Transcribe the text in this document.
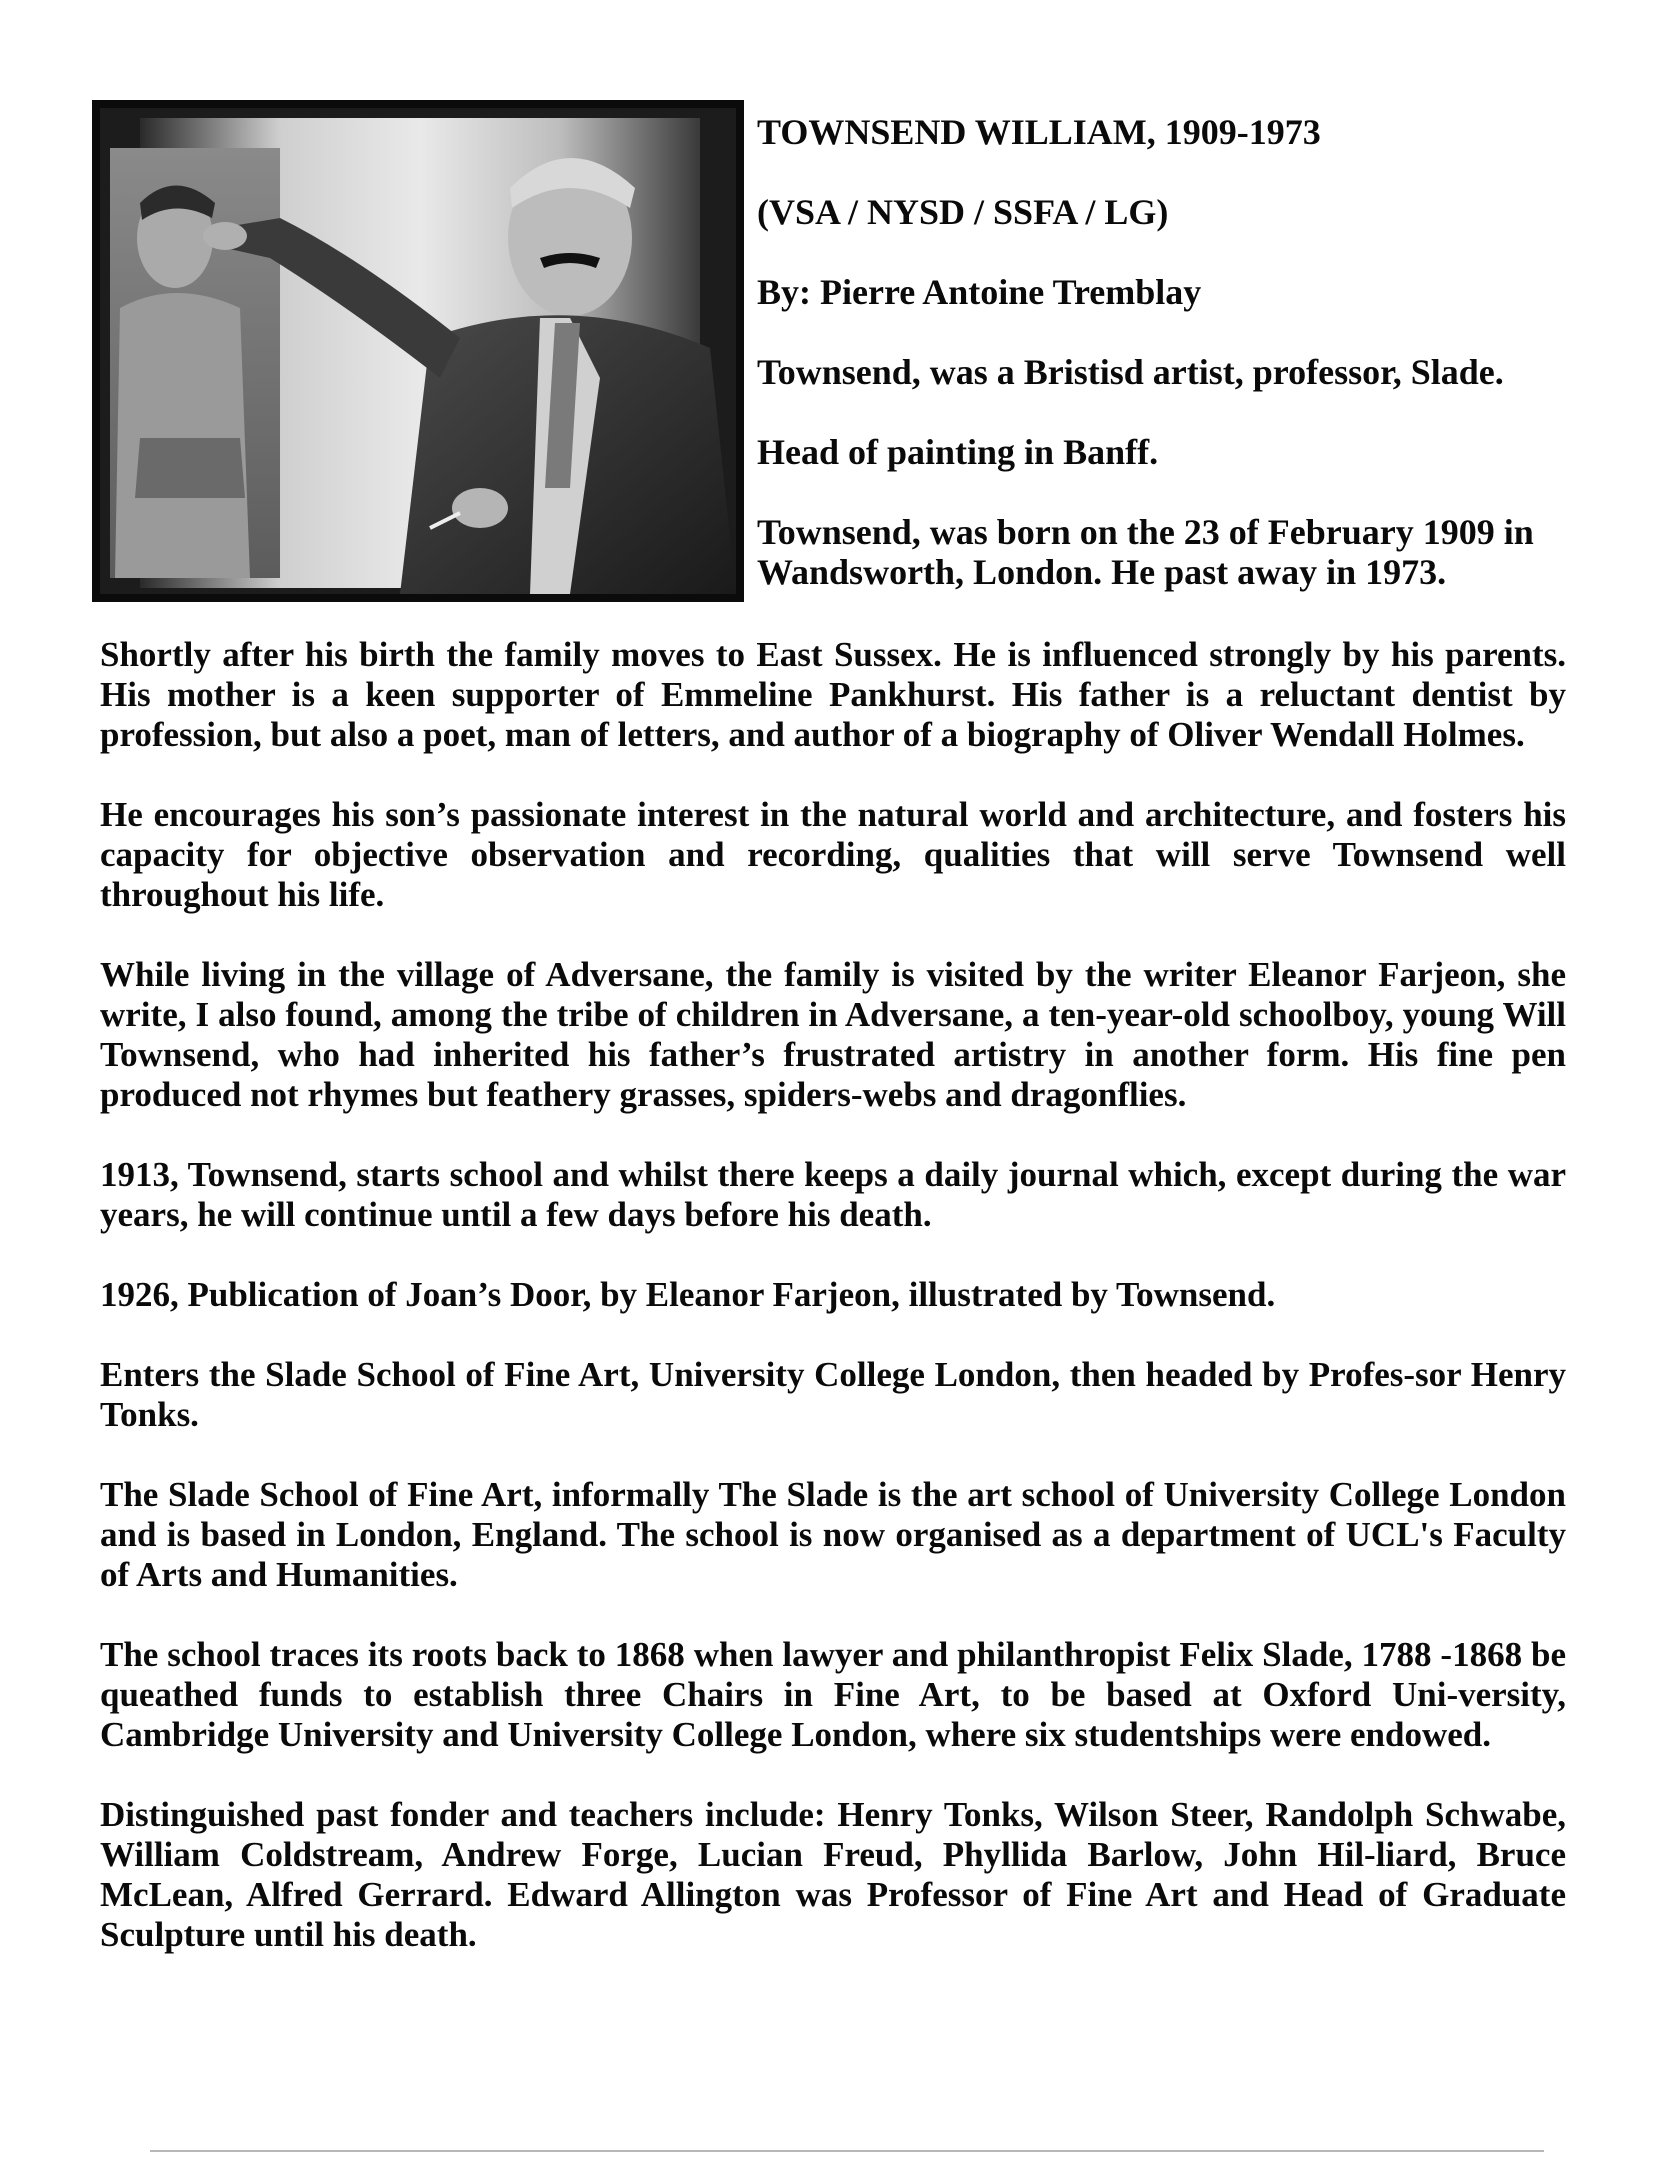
TOWNSEND WILLIAM, 1909-1973
(VSA / NYSD / SSFA / LG)
By: Pierre Antoine Tremblay
Townsend, was a Bristisd artist, professor, Slade.
Head of painting in Banff.
Townsend, was born on the 23 of February 1909 in Wandsworth, London. He past away in 1973.

Shortly after his birth the family moves to East Sussex. He is influenced strongly by his parents. His mother is a keen supporter of Emmeline Pankhurst. His father is a reluctant dentist by profession, but also a poet, man of letters, and author of a biography of Oliver Wendall Holmes.

He encourages his son’s passionate interest in the natural world and architecture, and fosters his capacity for objective observation and recording, qualities that will serve Townsend well throughout his life.

While living in the village of Adversane, the family is visited by the writer Eleanor Farjeon, she write, I also found, among the tribe of children in Adversane, a ten-year-old schoolboy, young Will Townsend, who had inherited his father’s frustrated artistry in another form. His fine pen produced not rhymes but feathery grasses, spiders-webs and dragonflies.

1913, Townsend, starts school and whilst there keeps a daily journal which, except during the war years, he will continue until a few days before his death.

1926, Publication of Joan’s Door, by Eleanor Farjeon, illustrated by Townsend.

Enters the Slade School of Fine Art, University College London, then headed by Profes-sor Henry Tonks.

The Slade School of Fine Art, informally The Slade is the art school of University College London and is based in London, England. The school is now organised as a department of UCL's Faculty of Arts and Humanities.

The school traces its roots back to 1868 when lawyer and philanthropist Felix Slade, 1788 -1868 be queathed funds to establish three Chairs in Fine Art, to be based at Oxford Uni-versity, Cambridge University and University College London, where six studentships were endowed.

Distinguished past fonder and teachers include: Henry Tonks, Wilson Steer, Randolph Schwabe, William Coldstream, Andrew Forge, Lucian Freud, Phyllida Barlow, John Hil-liard, Bruce McLean, Alfred Gerrard. Edward Allington was Professor of Fine Art and Head of Graduate Sculpture until his death.
